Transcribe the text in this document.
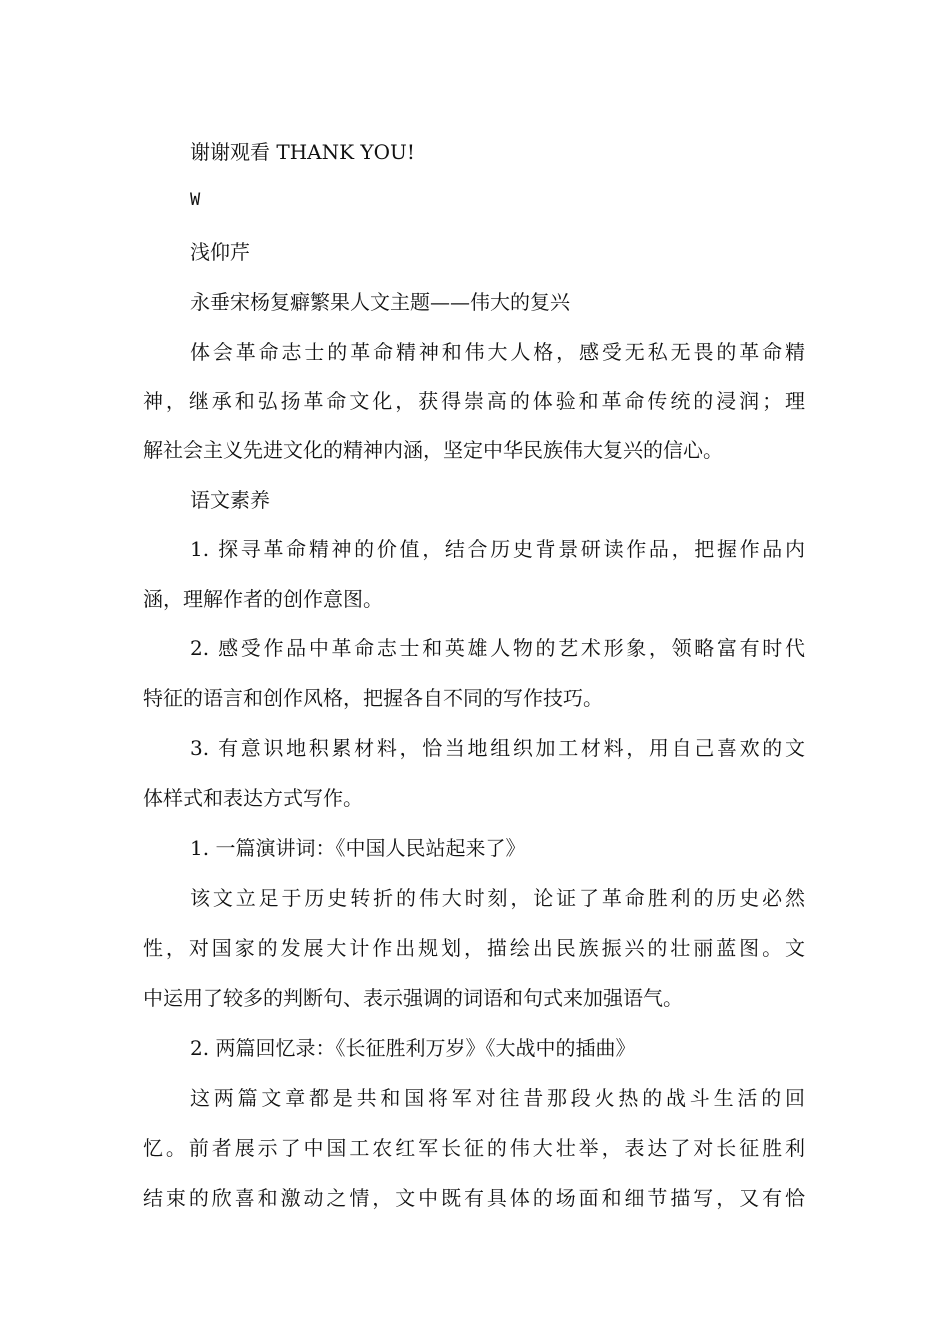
谢谢观看 THANK YOU!
W
浅仰芹
永垂宋杨复癖繁果人文主题——伟大的复兴
体会革命志士的革命精神和伟大人格，感受无私无畏的革命精
神，继承和弘扬革命文化，获得崇高的体验和革命传统的浸润；理
解社会主义先进文化的精神内涵，坚定中华民族伟大复兴的信心。
语文素养
1. 探寻革命精神的价值，结合历史背景研读作品，把握作品内
涵，理解作者的创作意图。
2. 感受作品中革命志士和英雄人物的艺术形象，领略富有时代
特征的语言和创作风格，把握各自不同的写作技巧。
3. 有意识地积累材料，恰当地组织加工材料，用自己喜欢的文
体样式和表达方式写作。
1. 一篇演讲词：《中国人民站起来了》
该文立足于历史转折的伟大时刻，论证了革命胜利的历史必然
性，对国家的发展大计作出规划，描绘出民族振兴的壮丽蓝图。文
中运用了较多的判断句、表示强调的词语和句式来加强语气。
2. 两篇回忆录：《长征胜利万岁》《大战中的插曲》
这两篇文章都是共和国将军对往昔那段火热的战斗生活的回
忆。前者展示了中国工农红军长征的伟大壮举，表达了对长征胜利
结束的欣喜和激动之情，文中既有具体的场面和细节描写，又有恰
